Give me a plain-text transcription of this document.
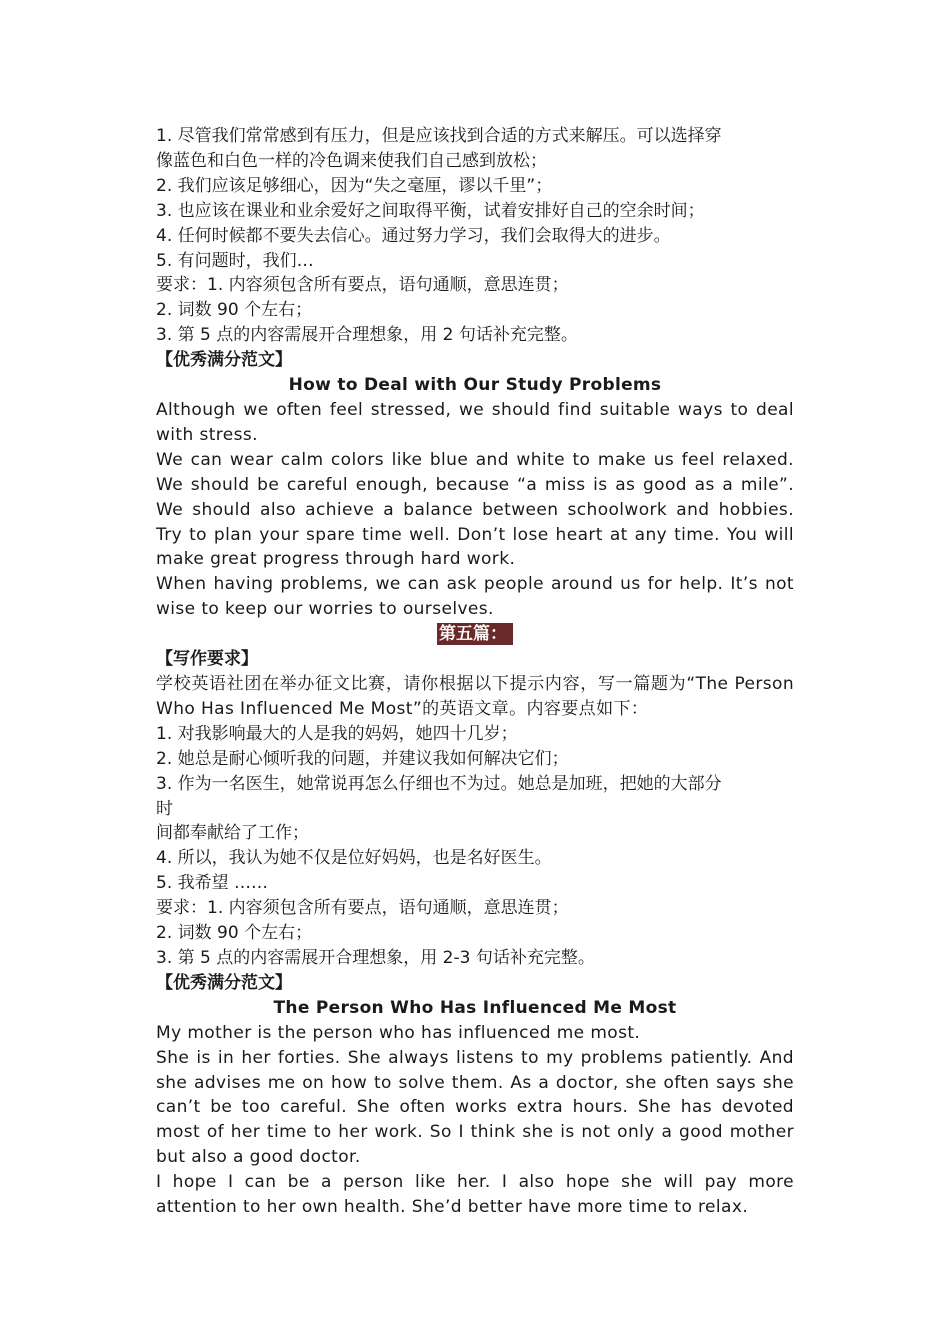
1. 尽管我们常常感到有压力，但是应该找到合适的方式来解压。可以选择穿
像蓝色和白色一样的冷色调来使我们自己感到放松；
2. 我们应该足够细心，因为“失之毫厘，谬以千里”；
3. 也应该在课业和业余爱好之间取得平衡，试着安排好自己的空余时间；
4. 任何时候都不要失去信心。通过努力学习，我们会取得大的进步。
5. 有问题时，我们…
要求：1. 内容须包含所有要点，语句通顺，意思连贯；
2. 词数 90 个左右；
3. 第 5 点的内容需展开合理想象，用 2 句话补充完整。
【优秀满分范文】
How to Deal with Our Study Problems
Although we often feel stressed, we should find suitable ways to deal with stress.
We can wear calm colors like blue and white to make us feel relaxed. We should be careful enough, because “a miss is as good as a mile”. We should also achieve a balance between schoolwork and hobbies. Try to plan your spare time well. Don’t lose heart at any time. You will make great progress through hard work.
When having problems, we can ask people around us for help. It’s not wise to keep our worries to ourselves.
第五篇：
【写作要求】
学校英语社团在举办征文比赛，请你根据以下提示内容，写一篇题为“The Person Who Has Influenced Me Most”的英语文章。内容要点如下：
1. 对我影响最大的人是我的妈妈，她四十几岁；
2. 她总是耐心倾听我的问题，并建议我如何解决它们；
3. 作为一名医生，她常说再怎么仔细也不为过。她总是加班，把她的大部分
时
间都奉献给了工作；
4. 所以，我认为她不仅是位好妈妈，也是名好医生。
5. 我希望 ……
要求：1. 内容须包含所有要点，语句通顺，意思连贯；
2. 词数 90 个左右；
3. 第 5 点的内容需展开合理想象，用 2-3 句话补充完整。
【优秀满分范文】
The Person Who Has Influenced Me Most
My mother is the person who has influenced me most.
She is in her forties. She always listens to my problems patiently. And she advises me on how to solve them. As a doctor, she often says she can’t be too careful. She often works extra hours. She has devoted most of her time to her work. So I think she is not only a good mother but also a good doctor.
I hope I can be a person like her. I also hope she will pay more attention to her own health. She’d better have more time to relax.
